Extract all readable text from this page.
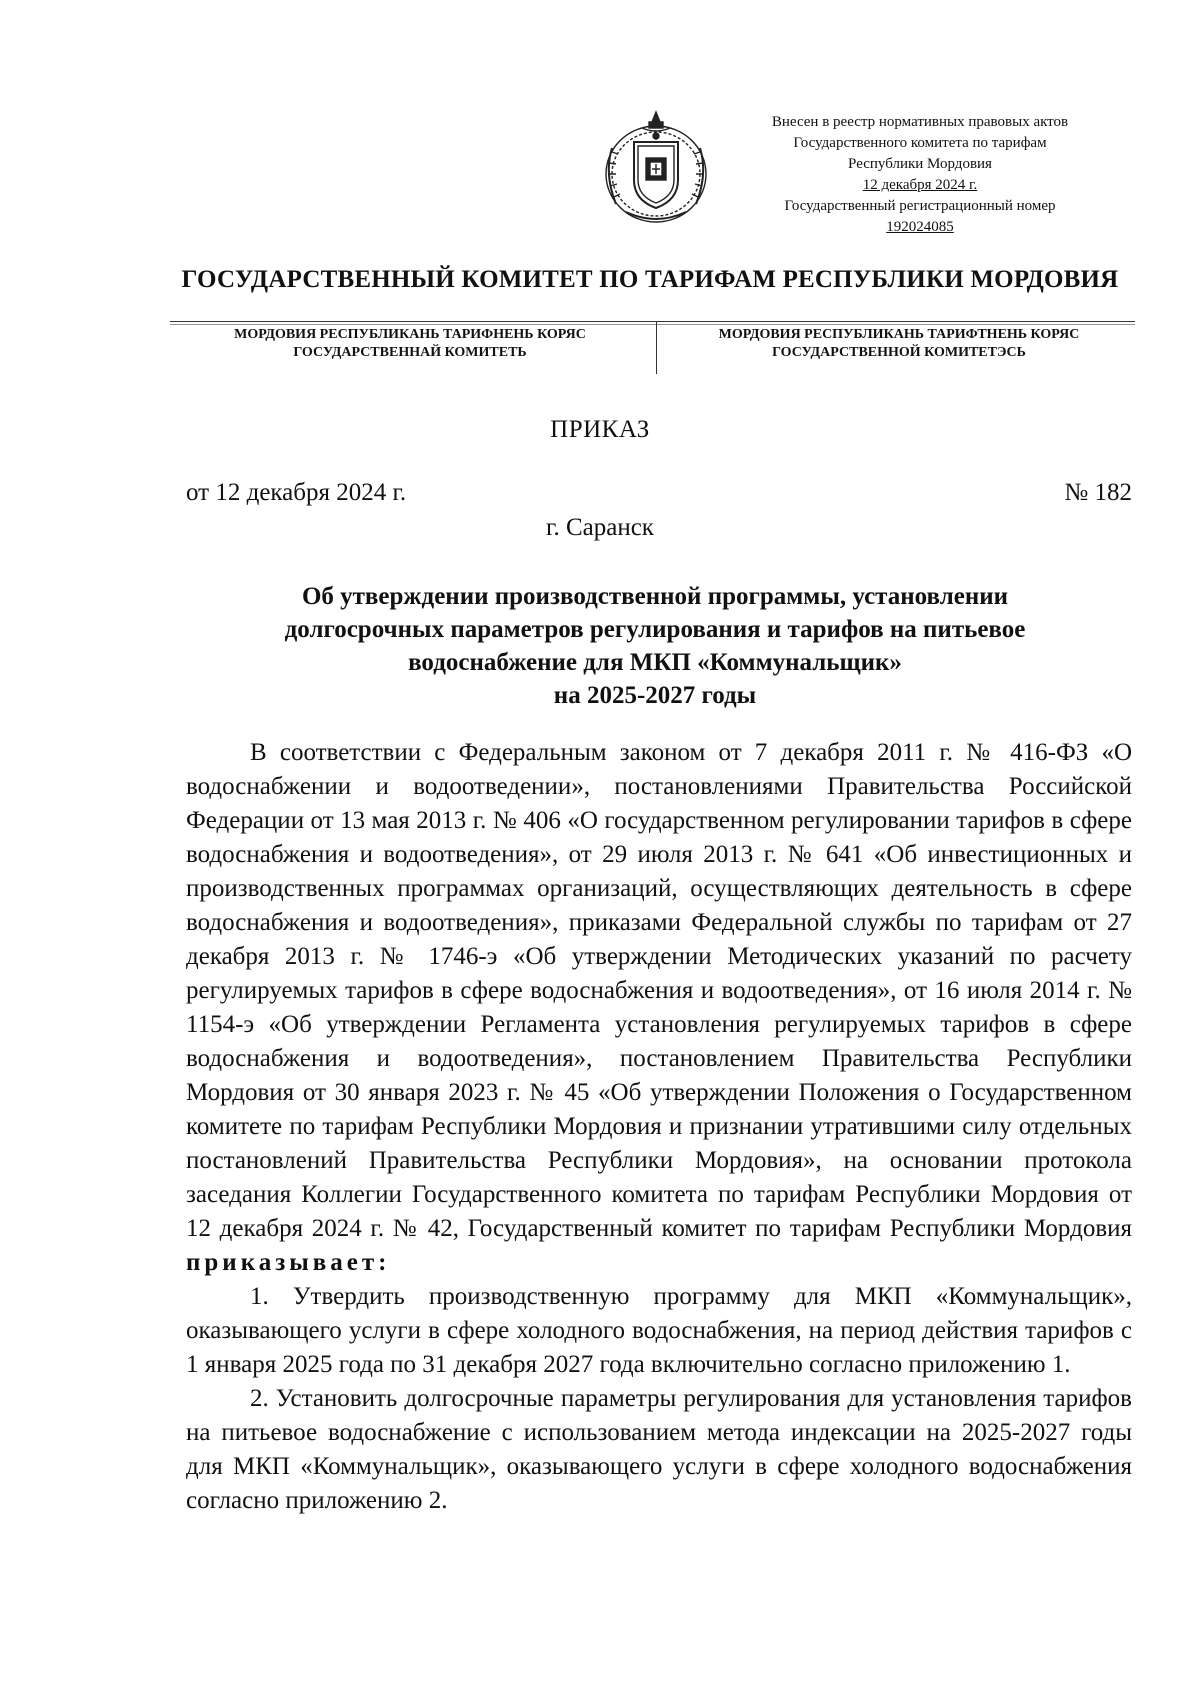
Внесен в реестр нормативных правовых актов
Государственного комитета по тарифам
Республики Мордовия
12 декабря 2024 г.
Государственный регистрационный номер
192024085
ГОСУДАРСТВЕННЫЙ КОМИТЕТ ПО ТАРИФАМ РЕСПУБЛИКИ МОРДОВИЯ
МОРДОВИЯ РЕСПУБЛИКАНЬ ТАРИФНЕНЬ КОРЯС
ГОСУДАРСТВЕННАЙ КОМИТЕТЬ
МОРДОВИЯ РЕСПУБЛИКАНЬ ТАРИФТНЕНЬ КОРЯС
ГОСУДАРСТВЕННОЙ КОМИТЕТЭСЬ
ПРИКАЗ
от 12 декабря 2024 г.	№ 182
г. Саранск
Об утверждении производственной программы, установлении
долгосрочных параметров регулирования и тарифов на питьевое
водоснабжение для МКП «Коммунальщик»
на 2025-2027 годы

В соответствии с Федеральным законом от 7 декабря 2011 г. № 416-ФЗ «О водоснабжении и водоотведении», постановлениями Правительства Российской Федерации от 13 мая 2013 г. № 406 «О государственном регулировании тарифов в сфере водоснабжения и водоотведения», от 29 июля 2013 г. № 641 «Об инвестиционных и производственных программах организаций, осуществляющих деятельность в сфере водоснабжения и водоотведения», приказами Федеральной службы по тарифам от 27 декабря 2013 г. № 1746-э «Об утверждении Методических указаний по расчету регулируемых тарифов в сфере водоснабжения и водоотведения», от 16 июля 2014 г. № 1154-э «Об утверждении Регламента установления регулируемых тарифов в сфере водоснабжения и водоотведения», постановлением Правительства Республики Мордовия от 30 января 2023 г. № 45 «Об утверждении Положения о Государственном комитете по тарифам Республики Мордовия и признании утратившими силу отдельных постановлений Правительства Республики Мордовия», на основании протокола заседания Коллегии Государственного комитета по тарифам Республики Мордовия от 12 декабря 2024 г. № 42, Государственный комитет по тарифам Республики Мордовия приказывает:

1. Утвердить производственную программу для МКП «Коммунальщик», оказывающего услуги в сфере холодного водоснабжения, на период действия тарифов с 1 января 2025 года по 31 декабря 2027 года включительно согласно приложению 1.

2. Установить долгосрочные параметры регулирования для установления тарифов на питьевое водоснабжение с использованием метода индексации на 2025-2027 годы для МКП «Коммунальщик», оказывающего услуги в сфере холодного водоснабжения согласно приложению 2.
